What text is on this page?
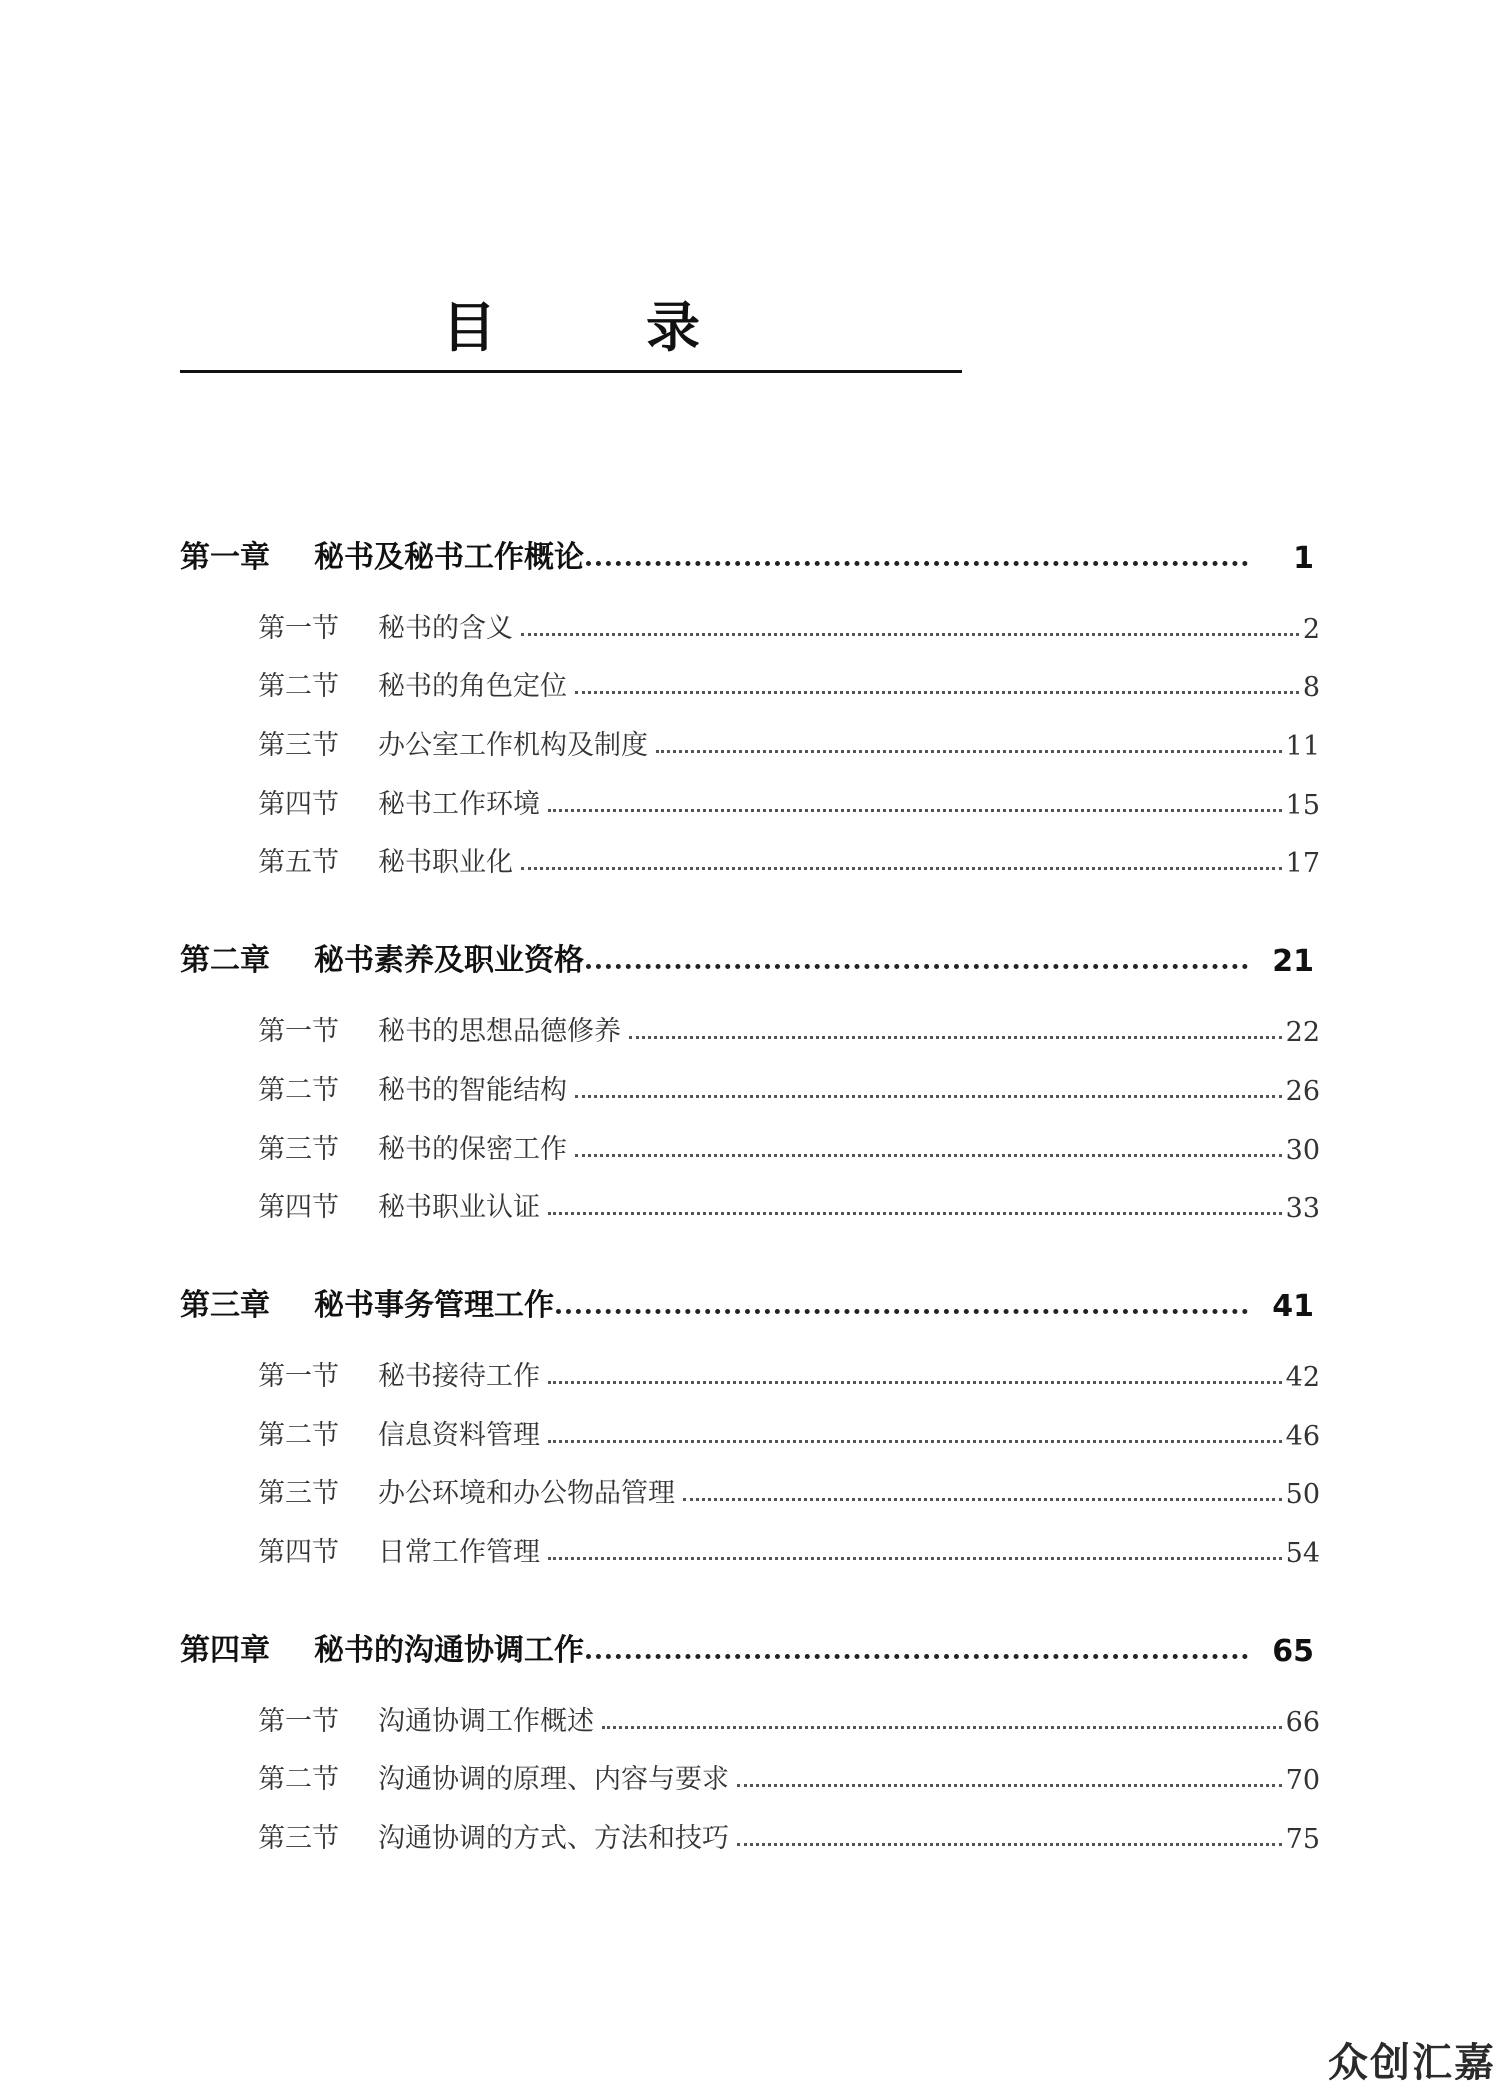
目　录
第一章	秘书及秘书工作概论	1
第一节	秘书的含义	2
第二节	秘书的角色定位	8
第三节	办公室工作机构及制度	11
第四节	秘书工作环境	15
第五节	秘书职业化	17
第二章	秘书素养及职业资格	21
第一节	秘书的思想品德修养	22
第二节	秘书的智能结构	26
第三节	秘书的保密工作	30
第四节	秘书职业认证	33
第三章	秘书事务管理工作	41
第一节	秘书接待工作	42
第二节	信息资料管理	46
第三节	办公环境和办公物品管理	50
第四节	日常工作管理	54
第四章	秘书的沟通协调工作	65
第一节	沟通协调工作概述	66
第二节	沟通协调的原理、内容与要求	70
第三节	沟通协调的方式、方法和技巧	75
众创汇嘉
